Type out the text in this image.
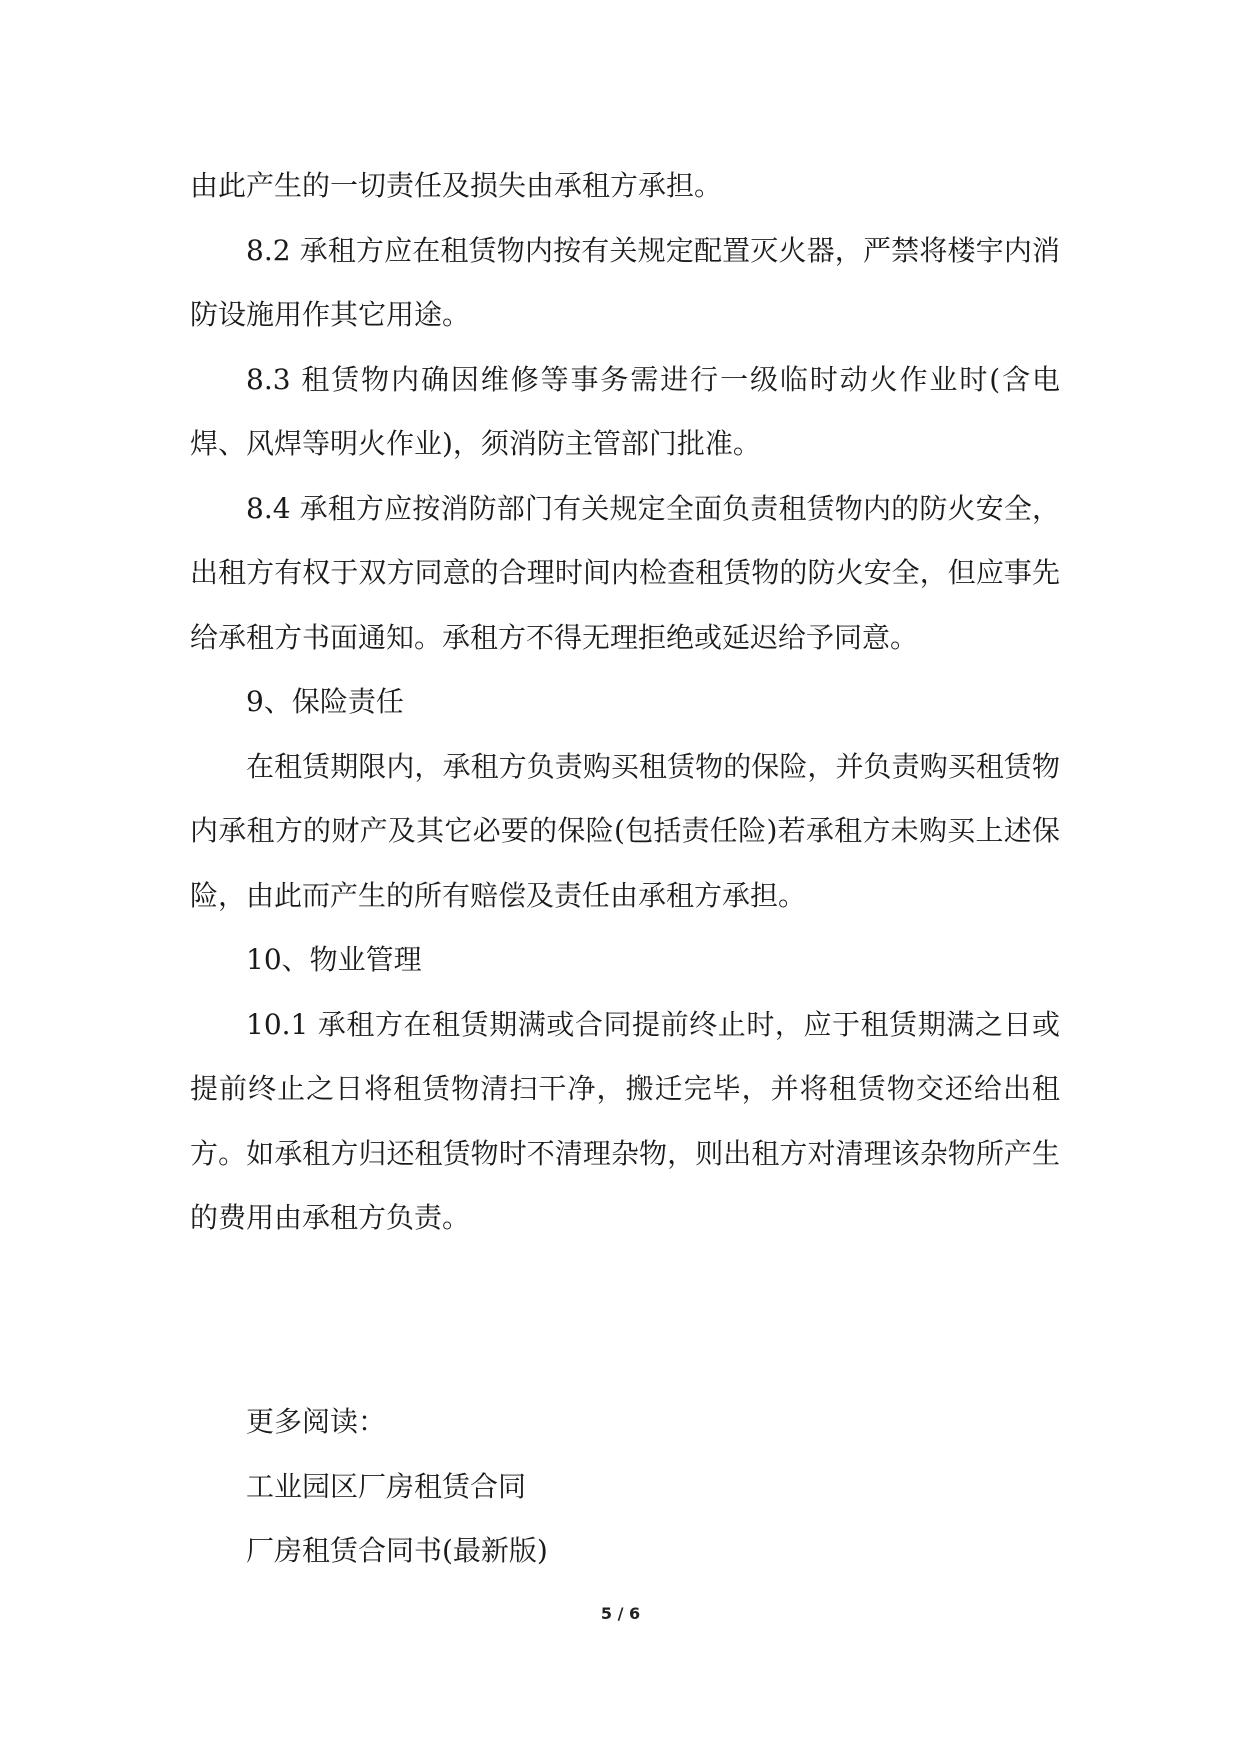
由此产生的一切责任及损失由承租方承担。

8.2 承租方应在租赁物内按有关规定配置灭火器，严禁将楼宇内消防设施用作其它用途。

8.3 租赁物内确因维修等事务需进行一级临时动火作业时(含电焊、风焊等明火作业)，须消防主管部门批准。

8.4 承租方应按消防部门有关规定全面负责租赁物内的防火安全，出租方有权于双方同意的合理时间内检查租赁物的防火安全，但应事先给承租方书面通知。承租方不得无理拒绝或延迟给予同意。

9、保险责任

在租赁期限内，承租方负责购买租赁物的保险，并负责购买租赁物内承租方的财产及其它必要的保险(包括责任险)若承租方未购买上述保险，由此而产生的所有赔偿及责任由承租方承担。

10、物业管理

10.1 承租方在租赁期满或合同提前终止时，应于租赁期满之日或提前终止之日将租赁物清扫干净，搬迁完毕，并将租赁物交还给出租方。如承租方归还租赁物时不清理杂物，则出租方对清理该杂物所产生的费用由承租方负责。

更多阅读：

工业园区厂房租赁合同

厂房租赁合同书(最新版)

5 / 6
